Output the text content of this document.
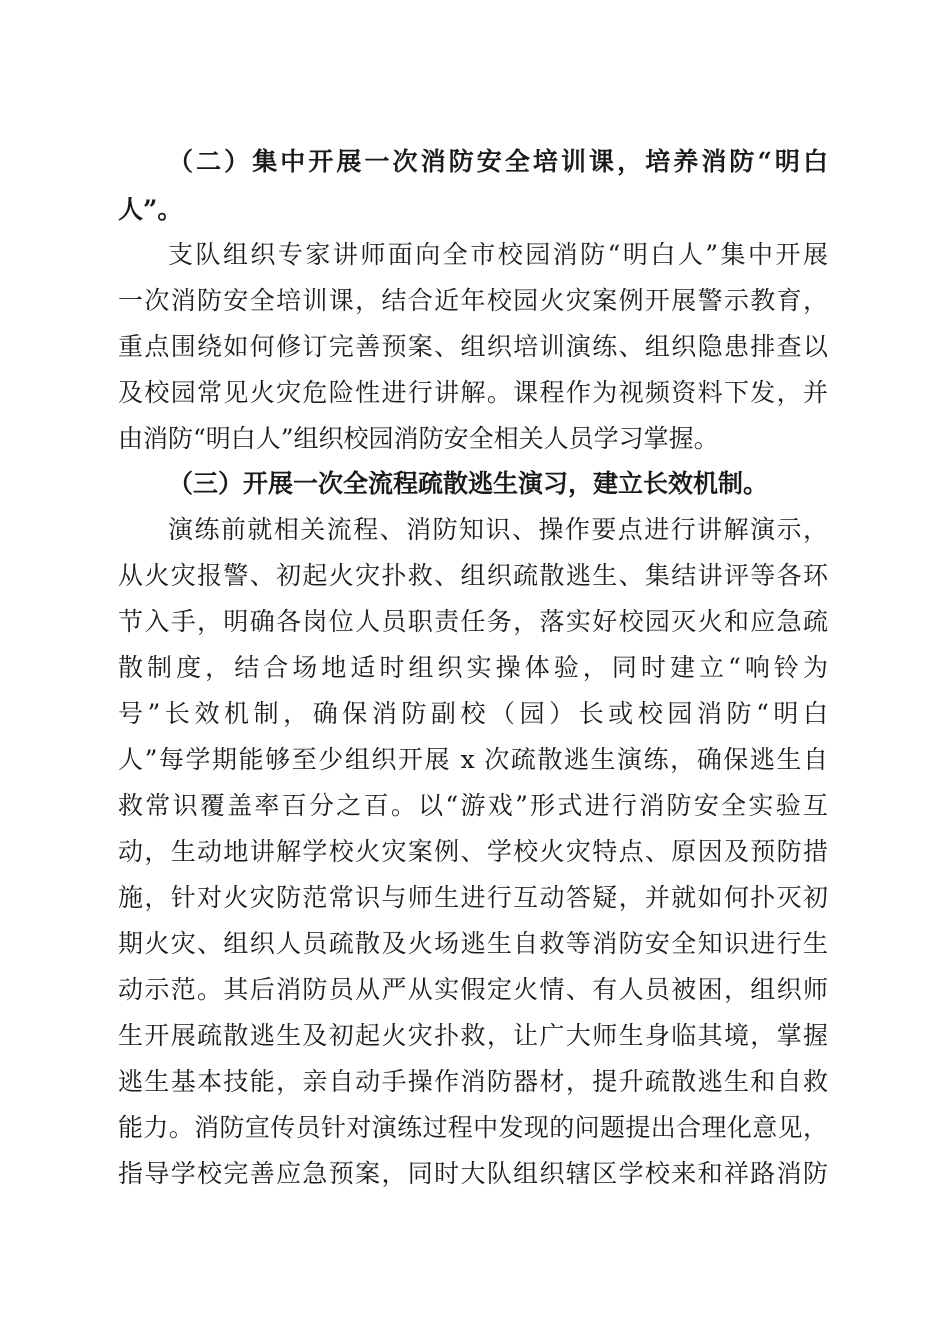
（二）集中开展一次消防安全培训课，培养消防“明白
人”。
支队组织专家讲师面向全市校园消防“明白人”集中开展
一次消防安全培训课，结合近年校园火灾案例开展警示教育，
重点围绕如何修订完善预案、组织培训演练、组织隐患排查以
及校园常见火灾危险性进行讲解。课程作为视频资料下发，并
由消防“明白人”组织校园消防安全相关人员学习掌握。
（三）开展一次全流程疏散逃生演习，建立长效机制。
演练前就相关流程、消防知识、操作要点进行讲解演示，
从火灾报警、初起火灾扑救、组织疏散逃生、集结讲评等各环
节入手，明确各岗位人员职责任务，落实好校园灭火和应急疏
散制度，结合场地适时组织实操体验，同时建立“响铃为
号”长效机制，确保消防副校（园）长或校园消防“明白
人”每学期能够至少组织开展 x 次疏散逃生演练，确保逃生自
救常识覆盖率百分之百。以“游戏”形式进行消防安全实验互
动，生动地讲解学校火灾案例、学校火灾特点、原因及预防措
施，针对火灾防范常识与师生进行互动答疑，并就如何扑灭初
期火灾、组织人员疏散及火场逃生自救等消防安全知识进行生
动示范。其后消防员从严从实假定火情、有人员被困，组织师
生开展疏散逃生及初起火灾扑救，让广大师生身临其境，掌握
逃生基本技能，亲自动手操作消防器材，提升疏散逃生和自救
能力。消防宣传员针对演练过程中发现的问题提出合理化意见，
指导学校完善应急预案，同时大队组织辖区学校来和祥路消防
